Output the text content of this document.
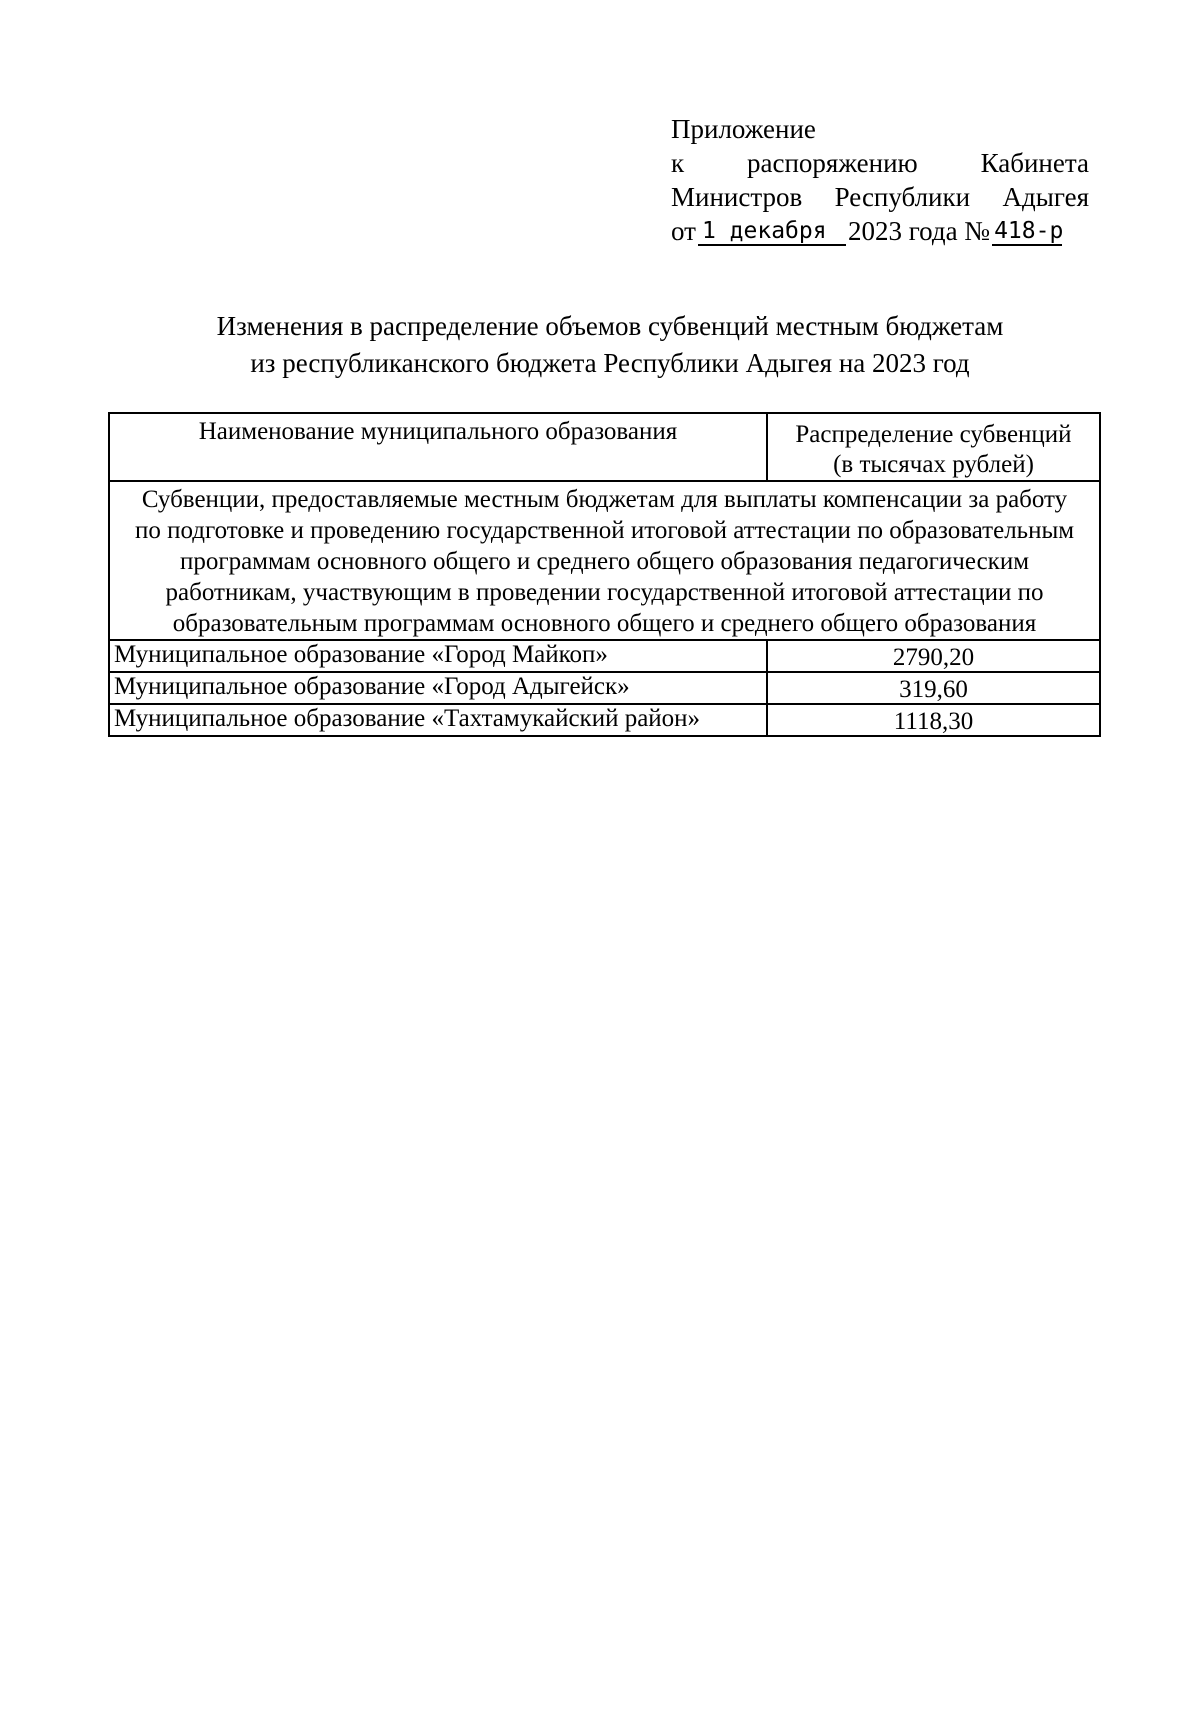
Приложение
к распоряжению Кабинета
Министров Республики Адыгея
от 1 декабря 2023 года № 418-р
Изменения в распределение объемов субвенций местным бюджетам
из республиканского бюджета Республики Адыгея на 2023 год
Наименование муниципального образования	Распределение субвенций
(в тысячах рублей)
Субвенции, предоставляемые местным бюджетам для выплаты компенсации за работу по подготовке и проведению государственной итоговой аттестации по образовательным программам основного общего и среднего общего образования педагогическим работникам, участвующим в проведении государственной итоговой аттестации по образовательным программам основного общего и среднего общего образования	
Муниципальное образование «Город Майкоп»	2790,20
Муниципальное образование «Город Адыгейск»	319,60
Муниципальное образование «Тахтамукайский район»	1118,30
